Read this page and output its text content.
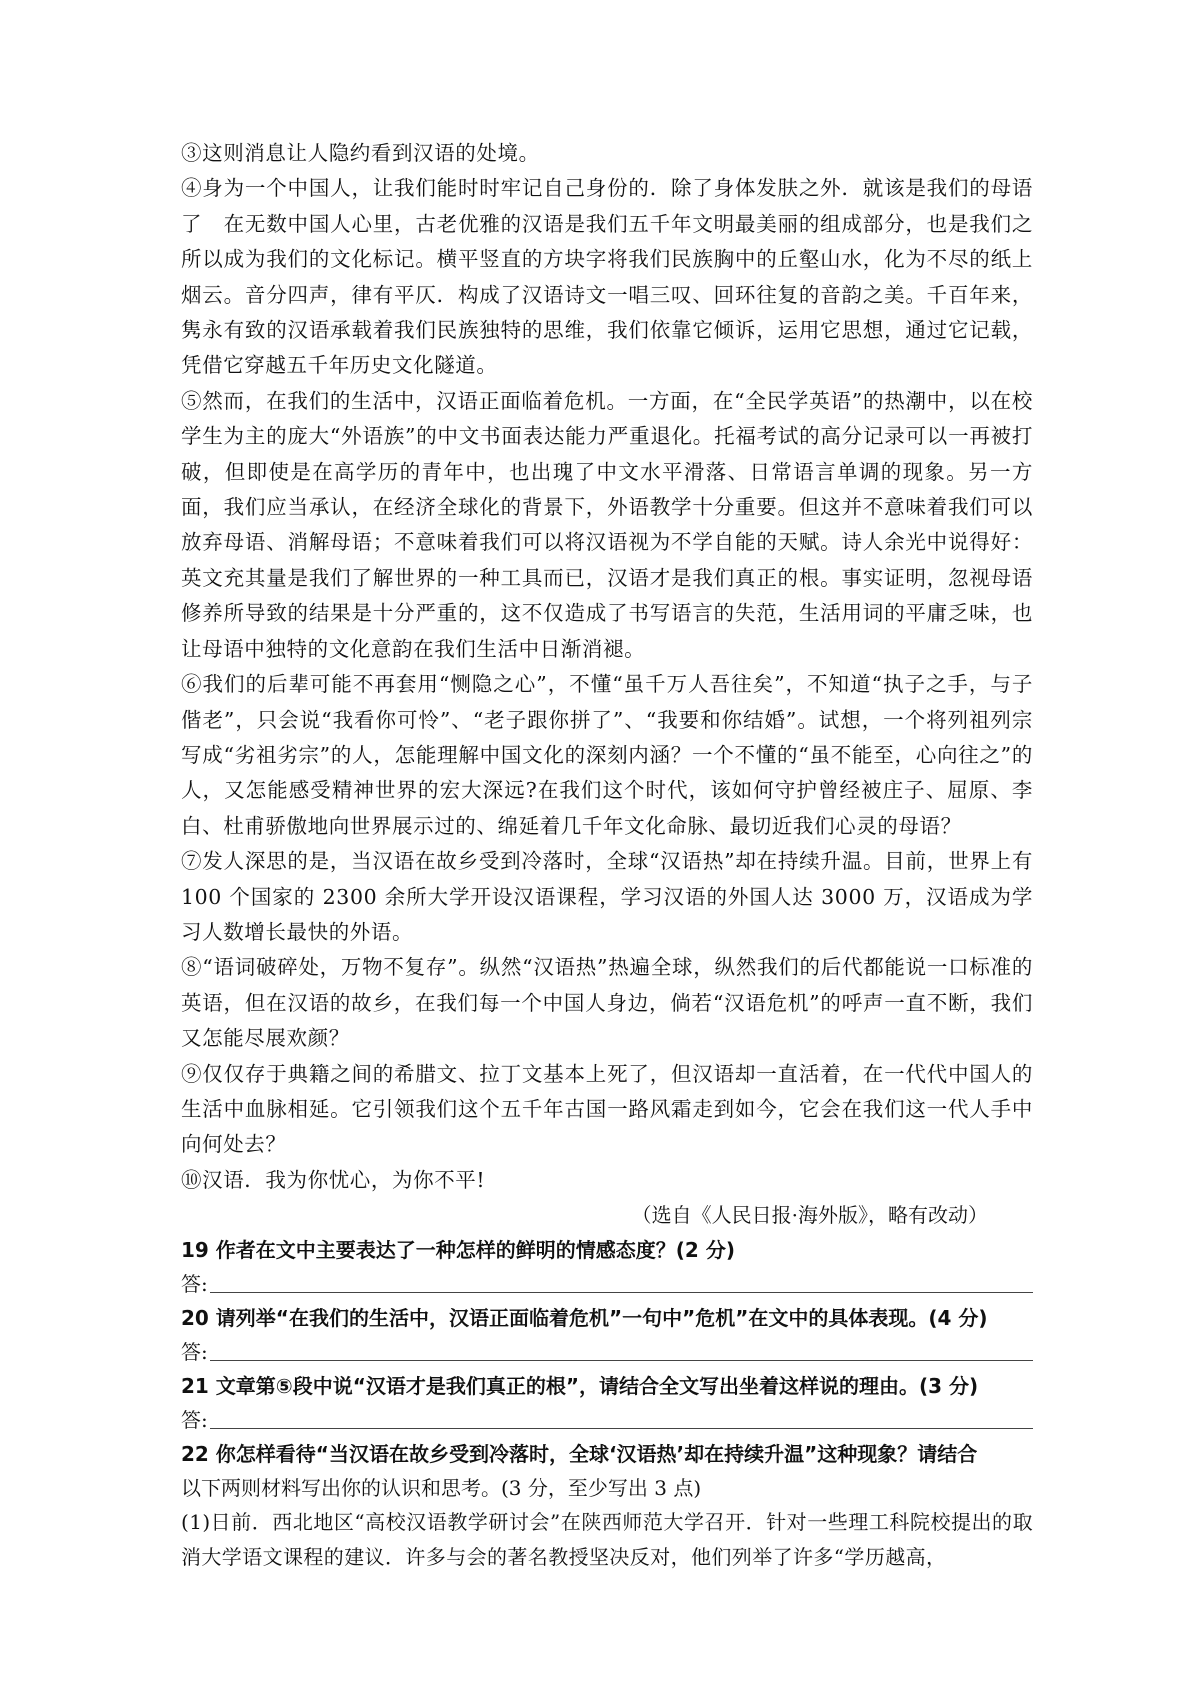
③这则消息让人隐约看到汉语的处境。

④身为一个中国人，让我们能时时牢记自己身份的．除了身体发肤之外．就该是我们的母语了　在无数中国人心里，古老优雅的汉语是我们五千年文明最美丽的组成部分，也是我们之所以成为我们的文化标记。横平竖直的方块字将我们民族胸中的丘壑山水，化为不尽的纸上烟云。音分四声，律有平仄．构成了汉语诗文一唱三叹、回环往复的音韵之美。千百年来，隽永有致的汉语承载着我们民族独特的思维，我们依靠它倾诉，运用它思想，通过它记载，凭借它穿越五千年历史文化隧道。

⑤然而，在我们的生活中，汉语正面临着危机。一方面，在“全民学英语”的热潮中，以在校学生为主的庞大“外语族”的中文书面表达能力严重退化。托福考试的高分记录可以一再被打破，但即使是在高学历的青年中，也出瑰了中文水平滑落、日常语言单调的现象。另一方面，我们应当承认，在经济全球化的背景下，外语教学十分重要。但这并不意味着我们可以放弃母语、消解母语；不意味着我们可以将汉语视为不学自能的天赋。诗人余光中说得好：英文充其量是我们了解世界的一种工具而已，汉语才是我们真正的根。事实证明，忽视母语修养所导致的结果是十分严重的，这不仅造成了书写语言的失范，生活用词的平庸乏味，也让母语中独特的文化意韵在我们生活中日渐消褪。

⑥我们的后辈可能不再套用“恻隐之心”，不懂“虽千万人吾往矣”，不知道“执子之手，与子偕老”，只会说“我看你可怜”、“老子跟你拼了”、“我要和你结婚”。试想，一个将列祖列宗写成“劣祖劣宗”的人，怎能理解中国文化的深刻内涵？一个不懂的“虽不能至，心向往之”的人，又怎能感受精神世界的宏大深远?在我们这个时代，该如何守护曾经被庄子、屈原、李白、杜甫骄傲地向世界展示过的、绵延着几千年文化命脉、最切近我们心灵的母语？

⑦发人深思的是，当汉语在故乡受到冷落时，全球“汉语热”却在持续升温。目前，世界上有 100 个国家的 2300 余所大学开设汉语课程，学习汉语的外国人达 3000 万，汉语成为学习人数增长最快的外语。

⑧“语词破碎处，万物不复存”。纵然“汉语热”热遍全球，纵然我们的后代都能说一口标准的英语，但在汉语的故乡，在我们每一个中国人身边，倘若“汉语危机”的呼声一直不断，我们又怎能尽展欢颜？

⑨仅仅存于典籍之间的希腊文、拉丁文基本上死了，但汉语却一直活着，在一代代中国人的生活中血脉相延。它引领我们这个五千年古国一路风霜走到如今，它会在我们这一代人手中向何处去？

⑩汉语．我为你忧心，为你不平!

（选自《人民日报·海外版》，略有改动）

19 作者在文中主要表达了一种怎样的鲜明的情感态度？(2 分)

答:

20 请列举“在我们的生活中，汉语正面临着危机”一句中”危机”在文中的具体表现。(4 分)

答:

21 文章第⑤段中说“汉语才是我们真正的根”，请结合全文写出坐着这样说的理由。(3 分)

答:

22 你怎样看待“当汉语在故乡受到冷落时，全球‘汉语热’却在持续升温”这种现象？请结合

以下两则材料写出你的认识和思考。(3 分，至少写出 3 点)

(1)日前．西北地区“高校汉语教学研讨会”在陕西师范大学召开．针对一些理工科院校提出的取消大学语文课程的建议．许多与会的著名教授坚决反对，他们列举了许多“学历越高，
